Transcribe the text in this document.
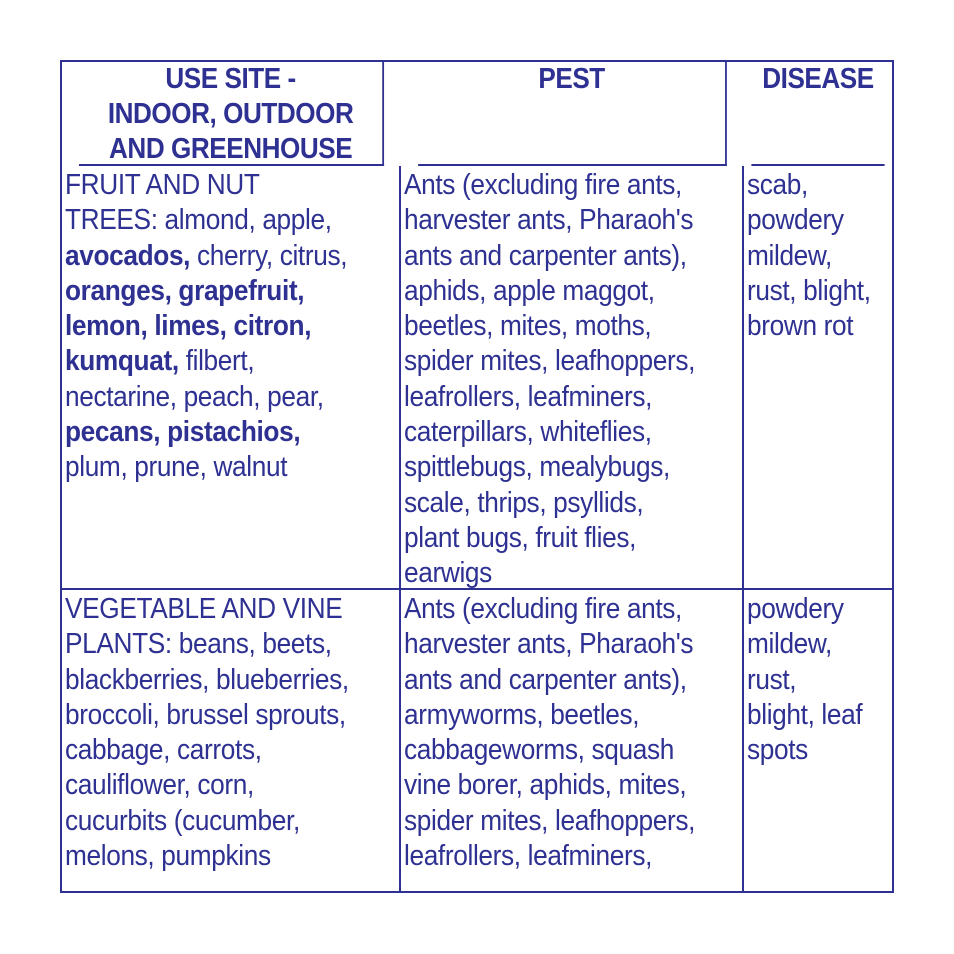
USE SITE -
INDOOR, OUTDOOR
AND GREENHOUSE
PEST	DISEASE
FRUIT AND NUT
TREES: almond, apple,
avocados, cherry, citrus,
oranges, grapefruit,
lemon, limes, citron,
kumquat, filbert,
nectarine, peach, pear,
pecans, pistachios,
plum, prune, walnut
Ants (excluding fire ants,
harvester ants, Pharaoh's
ants and carpenter ants),
aphids, apple maggot,
beetles, mites, moths,
spider mites, leafhoppers,
leafrollers, leafminers,
caterpillars, whiteflies,
spittlebugs, mealybugs,
scale, thrips, psyllids,
plant bugs, fruit flies,
earwigs
scab,
powdery
mildew,
rust, blight,
brown rot
VEGETABLE AND VINE
PLANTS: beans, beets,
blackberries, blueberries,
broccoli, brussel sprouts,
cabbage, carrots,
cauliflower, corn,
cucurbits (cucumber,
melons, pumpkins
Ants (excluding fire ants,
harvester ants, Pharaoh's
ants and carpenter ants),
armyworms, beetles,
cabbageworms, squash
vine borer, aphids, mites,
spider mites, leafhoppers,
leafrollers, leafminers,
powdery
mildew,
rust,
blight, leaf
spots
